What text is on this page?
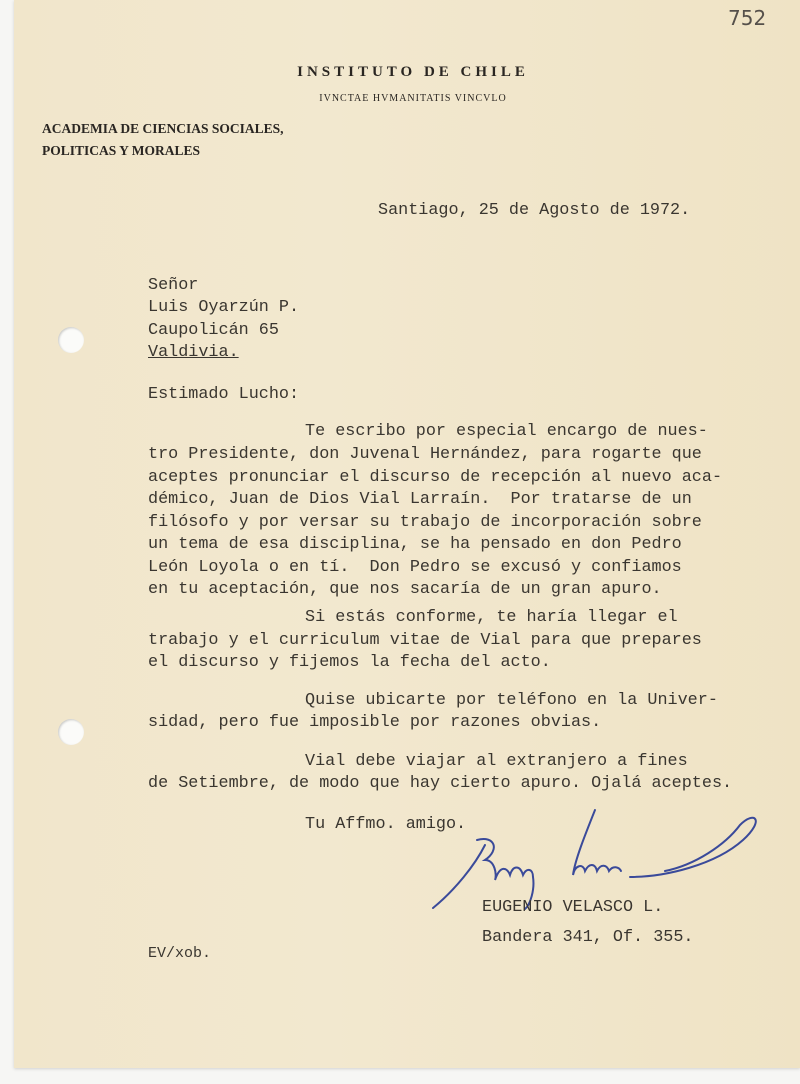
752
INSTITUTO DE CHILE
IVNCTAE HVMANITATIS VINCVLO
ACADEMIA DE CIENCIAS SOCIALES,
POLITICAS Y MORALES
Santiago, 25 de Agosto de 1972.
Señor
Luis Oyarzún P.
Caupolicán 65
Valdivia.
Estimado Lucho:
Te escribo por especial encargo de nues-
tro Presidente, don Juvenal Hernández, para rogarte que
aceptes pronunciar el discurso de recepción al nuevo aca-
démico, Juan de Dios Vial Larraín.  Por tratarse de un
filósofo y por versar su trabajo de incorporación sobre
un tema de esa disciplina, se ha pensado en don Pedro
León Loyola o en tí.  Don Pedro se excusó y confiamos
en tu aceptación, que nos sacaría de un gran apuro.
Si estás conforme, te haría llegar el
trabajo y el curriculum vitae de Vial para que prepares
el discurso y fijemos la fecha del acto.
Quise ubicarte por teléfono en la Univer-
sidad, pero fue imposible por razones obvias.
Vial debe viajar al extranjero a fines
de Setiembre, de modo que hay cierto apuro. Ojalá aceptes.
Tu Affmo. amigo.
EUGENIO VELASCO L.
Bandera 341, Of. 355.
EV/xob.
